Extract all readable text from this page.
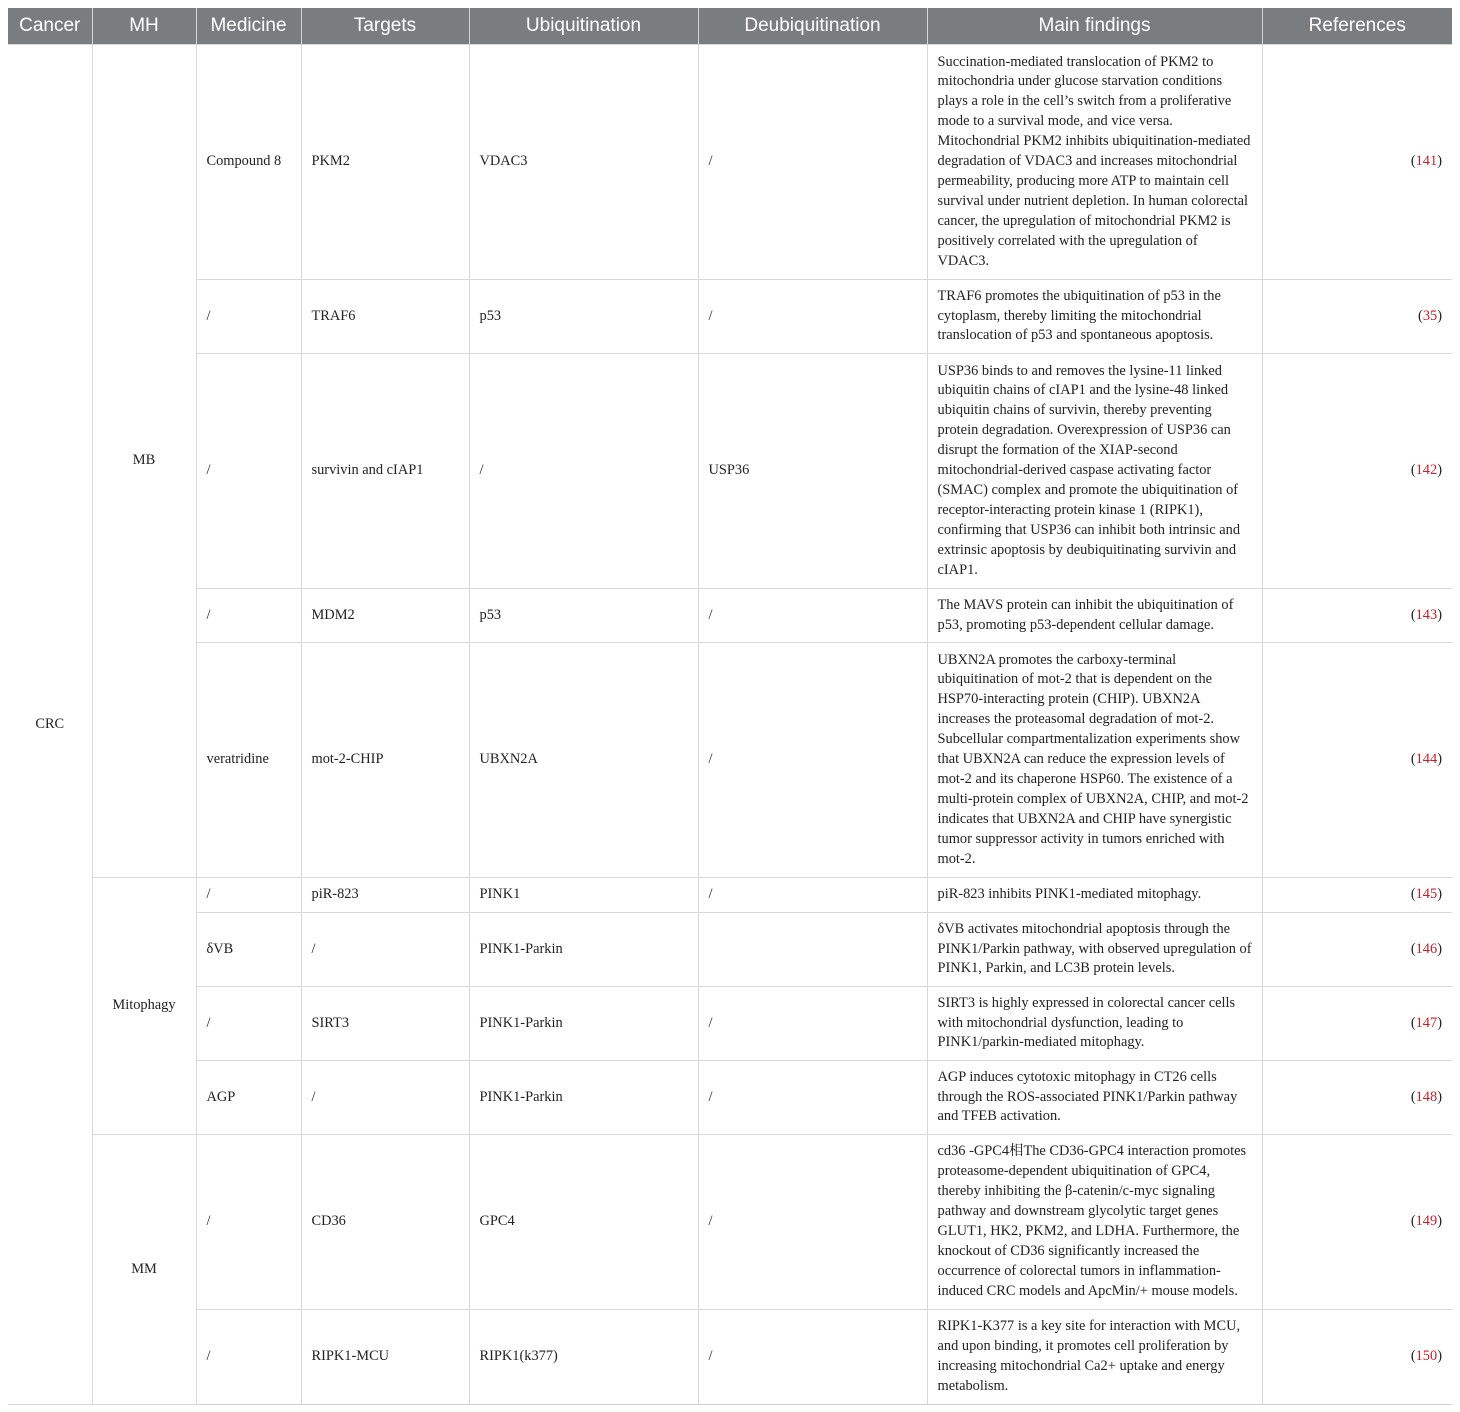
Cancer	MH	Medicine	Targets	Ubiquitination	Deubiquitination	Main findings	References
CRC	MB	Compound 8	PKM2	VDAC3	/	Succination-mediated translocation of PKM2 to mitochondria under glucose starvation conditions plays a role in the cell’s switch from a proliferative mode to a survival mode, and vice versa. Mitochondrial PKM2 inhibits ubiquitination-mediated degradation of VDAC3 and increases mitochondrial permeability, producing more ATP to maintain cell survival under nutrient depletion. In human colorectal cancer, the upregulation of mitochondrial PKM2 is positively correlated with the upregulation of VDAC3.	(141)
		/	TRAF6	p53	/	TRAF6 promotes the ubiquitination of p53 in the cytoplasm, thereby limiting the mitochondrial translocation of p53 and spontaneous apoptosis.	(35)
		/	survivin and cIAP1	/	USP36	USP36 binds to and removes the lysine-11 linked ubiquitin chains of cIAP1 and the lysine-48 linked ubiquitin chains of survivin, thereby preventing protein degradation. Overexpression of USP36 can disrupt the formation of the XIAP-second mitochondrial-derived caspase activating factor (SMAC) complex and promote the ubiquitination of receptor-interacting protein kinase 1 (RIPK1), confirming that USP36 can inhibit both intrinsic and extrinsic apoptosis by deubiquitinating survivin and cIAP1.	(142)
		/	MDM2	p53	/	The MAVS protein can inhibit the ubiquitination of p53, promoting p53-dependent cellular damage.	(143)
		veratridine	mot-2-CHIP	UBXN2A	/	UBXN2A promotes the carboxy-terminal ubiquitination of mot-2 that is dependent on the HSP70-interacting protein (CHIP). UBXN2A increases the proteasomal degradation of mot-2. Subcellular compartmentalization experiments show that UBXN2A can reduce the expression levels of mot-2 and its chaperone HSP60. The existence of a multi-protein complex of UBXN2A, CHIP, and mot-2 indicates that UBXN2A and CHIP have synergistic tumor suppressor activity in tumors enriched with mot-2.	(144)
	Mitophagy	/	piR-823	PINK1	/	piR-823 inhibits PINK1-mediated mitophagy.	(145)
		δVB	/	PINK1-Parkin		δVB activates mitochondrial apoptosis through the PINK1/Parkin pathway, with observed upregulation of PINK1, Parkin, and LC3B protein levels.	(146)
		/	SIRT3	PINK1-Parkin	/	SIRT3 is highly expressed in colorectal cancer cells with mitochondrial dysfunction, leading to PINK1/parkin-mediated mitophagy.	(147)
		AGP	/	PINK1-Parkin	/	AGP induces cytotoxic mitophagy in CT26 cells through the ROS-associated PINK1/Parkin pathway and TFEB activation.	(148)
	MM	/	CD36	GPC4	/	cd36 -GPC4相The CD36-GPC4 interaction promotes proteasome-dependent ubiquitination of GPC4, thereby inhibiting the β-catenin/c-myc signaling pathway and downstream glycolytic target genes GLUT1, HK2, PKM2, and LDHA. Furthermore, the knockout of CD36 significantly increased the occurrence of colorectal tumors in inflammation-induced CRC models and ApcMin/+ mouse models.	(149)
		/	RIPK1-MCU	RIPK1(k377)	/	RIPK1-K377 is a key site for interaction with MCU, and upon binding, it promotes cell proliferation by increasing mitochondrial Ca2+ uptake and energy metabolism.	(150)
